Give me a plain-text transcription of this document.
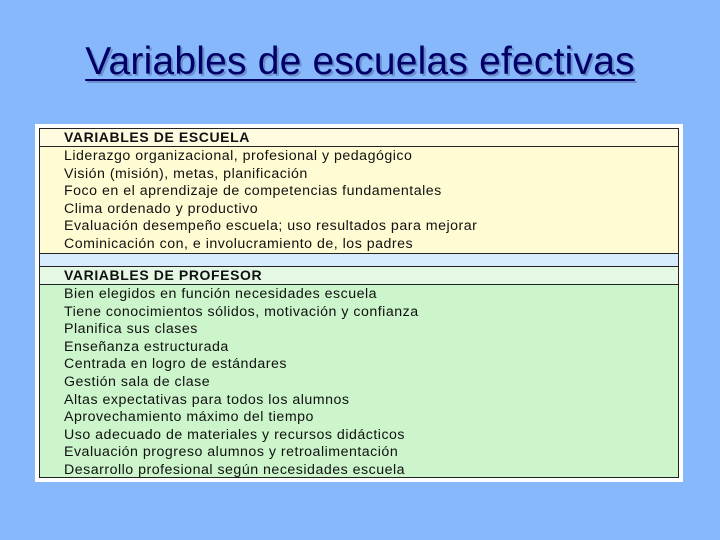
Variables de escuelas efectivas
VARIABLES DE ESCUELA
Liderazgo organizacional, profesional y pedagógico
Visión (misión), metas, planificación
Foco en el aprendizaje de competencias fundamentales
Clima ordenado y productivo
Evaluación desempeño escuela; uso resultados para mejorar
Cominicación con, e involucramiento de, los padres
VARIABLES DE PROFESOR
Bien elegidos en función necesidades escuela
Tiene conocimientos sólidos, motivación y confianza
Planifica sus clases
Enseñanza estructurada
Centrada en logro de estándares
Gestión sala de clase
Altas expectativas para todos los alumnos
Aprovechamiento máximo del tiempo
Uso adecuado de materiales y recursos didácticos
Evaluación progreso alumnos y retroalimentación
Desarrollo profesional según necesidades escuela
